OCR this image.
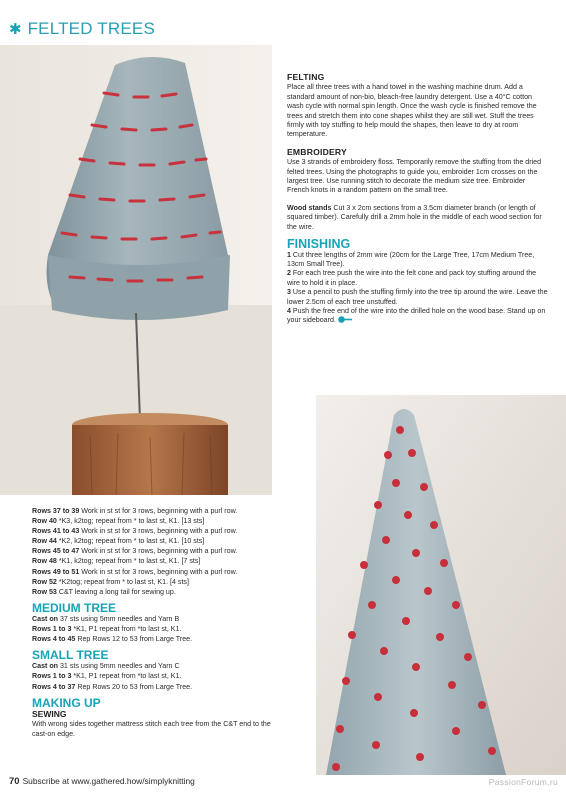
✱ FELTED TREES
FELTING
Place all three trees with a hand towel in the washing machine drum. Add a standard amount of non-bio, bleach-free laundry detergent. Use a 40°C cotton wash cycle with normal spin length. Once the wash cycle is finished remove the trees and stretch them into cone shapes whilst they are still wet. Stuff the trees firmly with toy stuffing to help mould the shapes, then leave to dry at room temperature.
EMBROIDERY
Use 3 strands of embroidery floss. Temporarily remove the stuffing from the dried felted trees. Using the photographs to guide you, embroider 1cm crosses on the largest tree. Use running stitch to decorate the medium size tree. Embroider French knots in a random pattern on the small tree.
Wood stands Cut 3 x 2cm sections from a 3.5cm diameter branch (or length of squared timber). Carefully drill a 2mm hole in the middle of each wood section for the wire.
FINISHING
1 Cut three lengths of 2mm wire (20cm for the Large Tree, 17cm Medium Tree, 13cm Small Tree).
2 For each tree push the wire into the felt cone and pack toy stuffing around the wire to hold it in place.
3 Use a pencil to push the stuffing firmly into the tree tip around the wire. Leave the lower 2.5cm of each tree unstuffed.
4 Push the free end of the wire into the drilled hole on the wood base. Stand up on your sideboard.
Rows 37 to 39 Work in st st for 3 rows, beginning with a purl row.
Row 40 *K3, k2tog; repeat from * to last st, K1. [13 sts]
Rows 41 to 43 Work in st st for 3 rows, beginning with a purl row.
Row 44 *K2, k2tog; repeat from * to last st, K1. [10 sts]
Rows 45 to 47 Work in st st for 3 rows, beginning with a purl row.
Row 48 *K1, k2tog; repeat from * to last st, K1. [7 sts]
Rows 49 to 51 Work in st st for 3 rows, beginning with a purl row.
Row 52 *K2tog; repeat from * to last st, K1. [4 sts]
Row 53 C&T leaving a long tail for sewing up.
MEDIUM TREE
Cast on 37 sts using 5mm needles and Yarn B
Rows 1 to 3 *K1, P1 repeat from *to last st, K1.
Rows 4 to 45 Rep Rows 12 to 53 from Large Tree.
SMALL TREE
Cast on 31 sts using 5mm needles and Yarn C
Rows 1 to 3 *K1, P1 repeat from *to last st, K1.
Rows 4 to 37 Rep Rows 20 to 53 from Large Tree.
MAKING UP
SEWING
With wrong sides together mattress stitch each tree from the C&T end to the cast-on edge.
70 Subscribe at www.gathered.how/simplyknitting	PassionForum.ru
